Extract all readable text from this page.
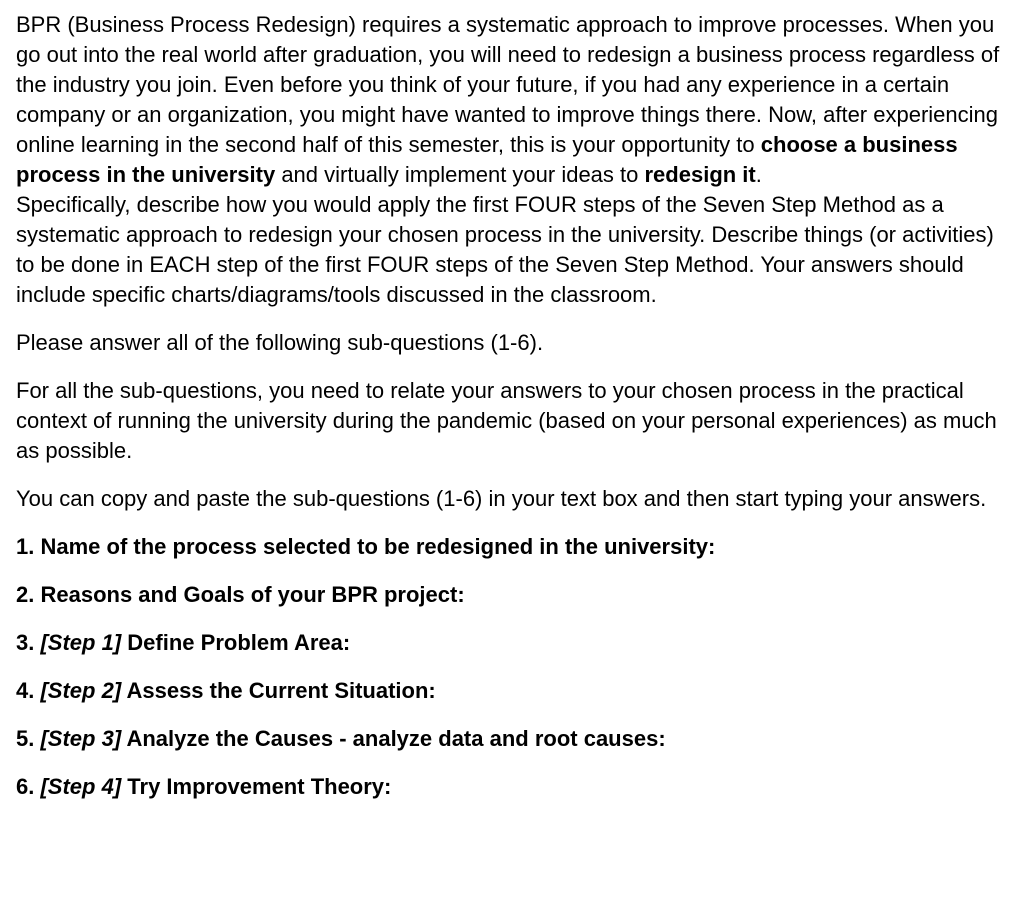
BPR (Business Process Redesign) requires a systematic approach to improve processes. When you go out into the real world after graduation, you will need to redesign a business process regardless of the industry you join. Even before you think of your future, if you had any experience in a certain company or an organization, you might have wanted to improve things there. Now, after experiencing online learning in the second half of this semester, this is your opportunity to choose a business process in the university and virtually implement your ideas to redesign it.

Specifically, describe how you would apply the first FOUR steps of the Seven Step Method as a systematic approach to redesign your chosen process in the university. Describe things (or activities) to be done in EACH step of the first FOUR steps of the Seven Step Method. Your answers should include specific charts/diagrams/tools discussed in the classroom.

Please answer all of the following sub-questions (1-6).

For all the sub-questions, you need to relate your answers to your chosen process in the practical context of running the university during the pandemic (based on your personal experiences) as much as possible.

You can copy and paste the sub-questions (1-6) in your text box and then start typing your answers.

1. Name of the process selected to be redesigned in the university:

2. Reasons and Goals of your BPR project:

3. [Step 1] Define Problem Area:

4. [Step 2] Assess the Current Situation:

5. [Step 3] Analyze the Causes - analyze data and root causes:

6. [Step 4] Try Improvement Theory:
